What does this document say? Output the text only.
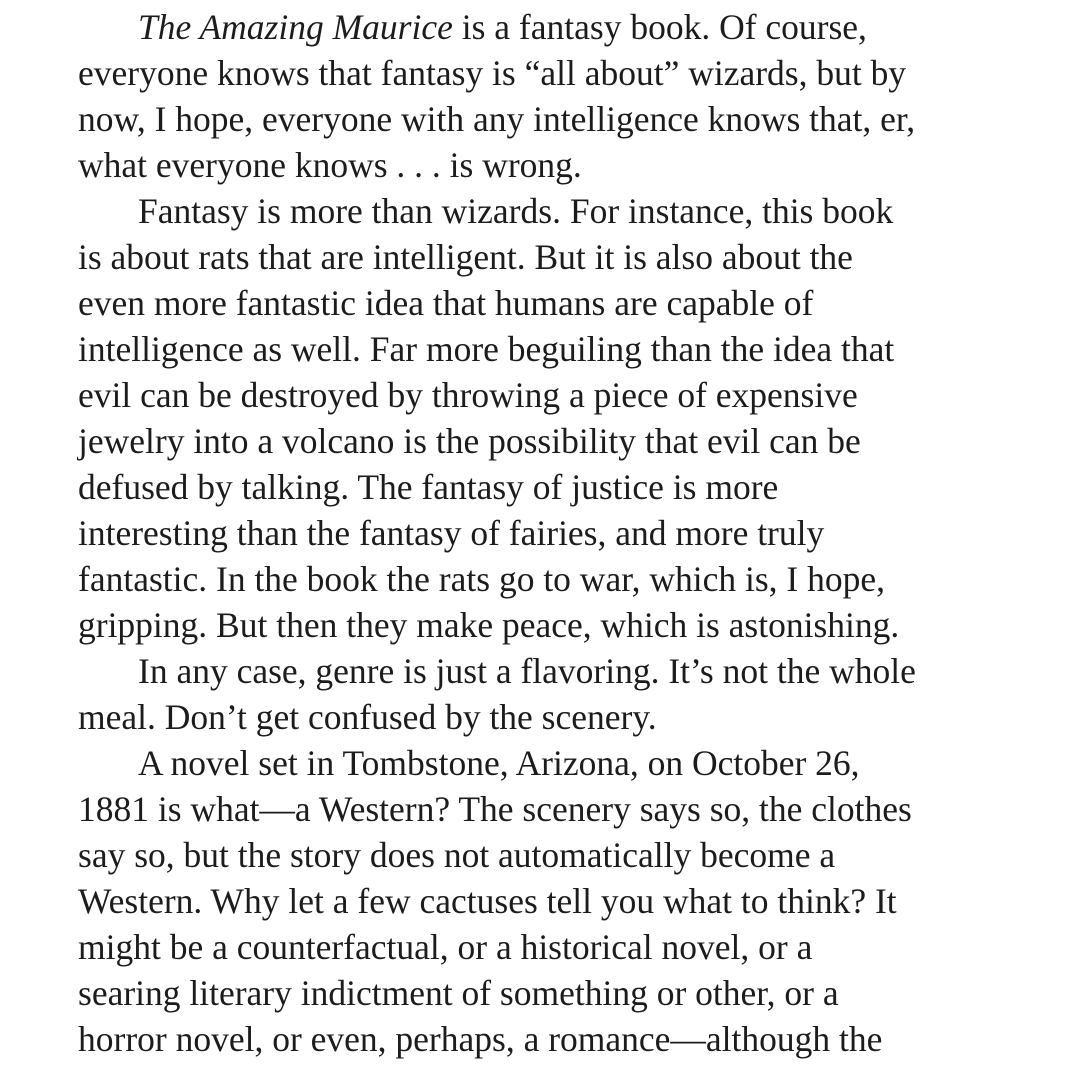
The Amazing Maurice is a fantasy book. Of course,
everyone knows that fantasy is “all about” wizards, but by
now, I hope, everyone with any intelligence knows that, er,
what everyone knows . . . is wrong.
Fantasy is more than wizards. For instance, this book
is about rats that are intelligent. But it is also about the
even more fantastic idea that humans are capable of
intelligence as well. Far more beguiling than the idea that
evil can be destroyed by throwing a piece of expensive
jewelry into a volcano is the possibility that evil can be
defused by talking. The fantasy of justice is more
interesting than the fantasy of fairies, and more truly
fantastic. In the book the rats go to war, which is, I hope,
gripping. But then they make peace, which is astonishing.
In any case, genre is just a flavoring. It’s not the whole
meal. Don’t get confused by the scenery.
A novel set in Tombstone, Arizona, on October 26,
1881 is what—a Western? The scenery says so, the clothes
say so, but the story does not automatically become a
Western. Why let a few cactuses tell you what to think? It
might be a counterfactual, or a historical novel, or a
searing literary indictment of something or other, or a
horror novel, or even, perhaps, a romance—although the
